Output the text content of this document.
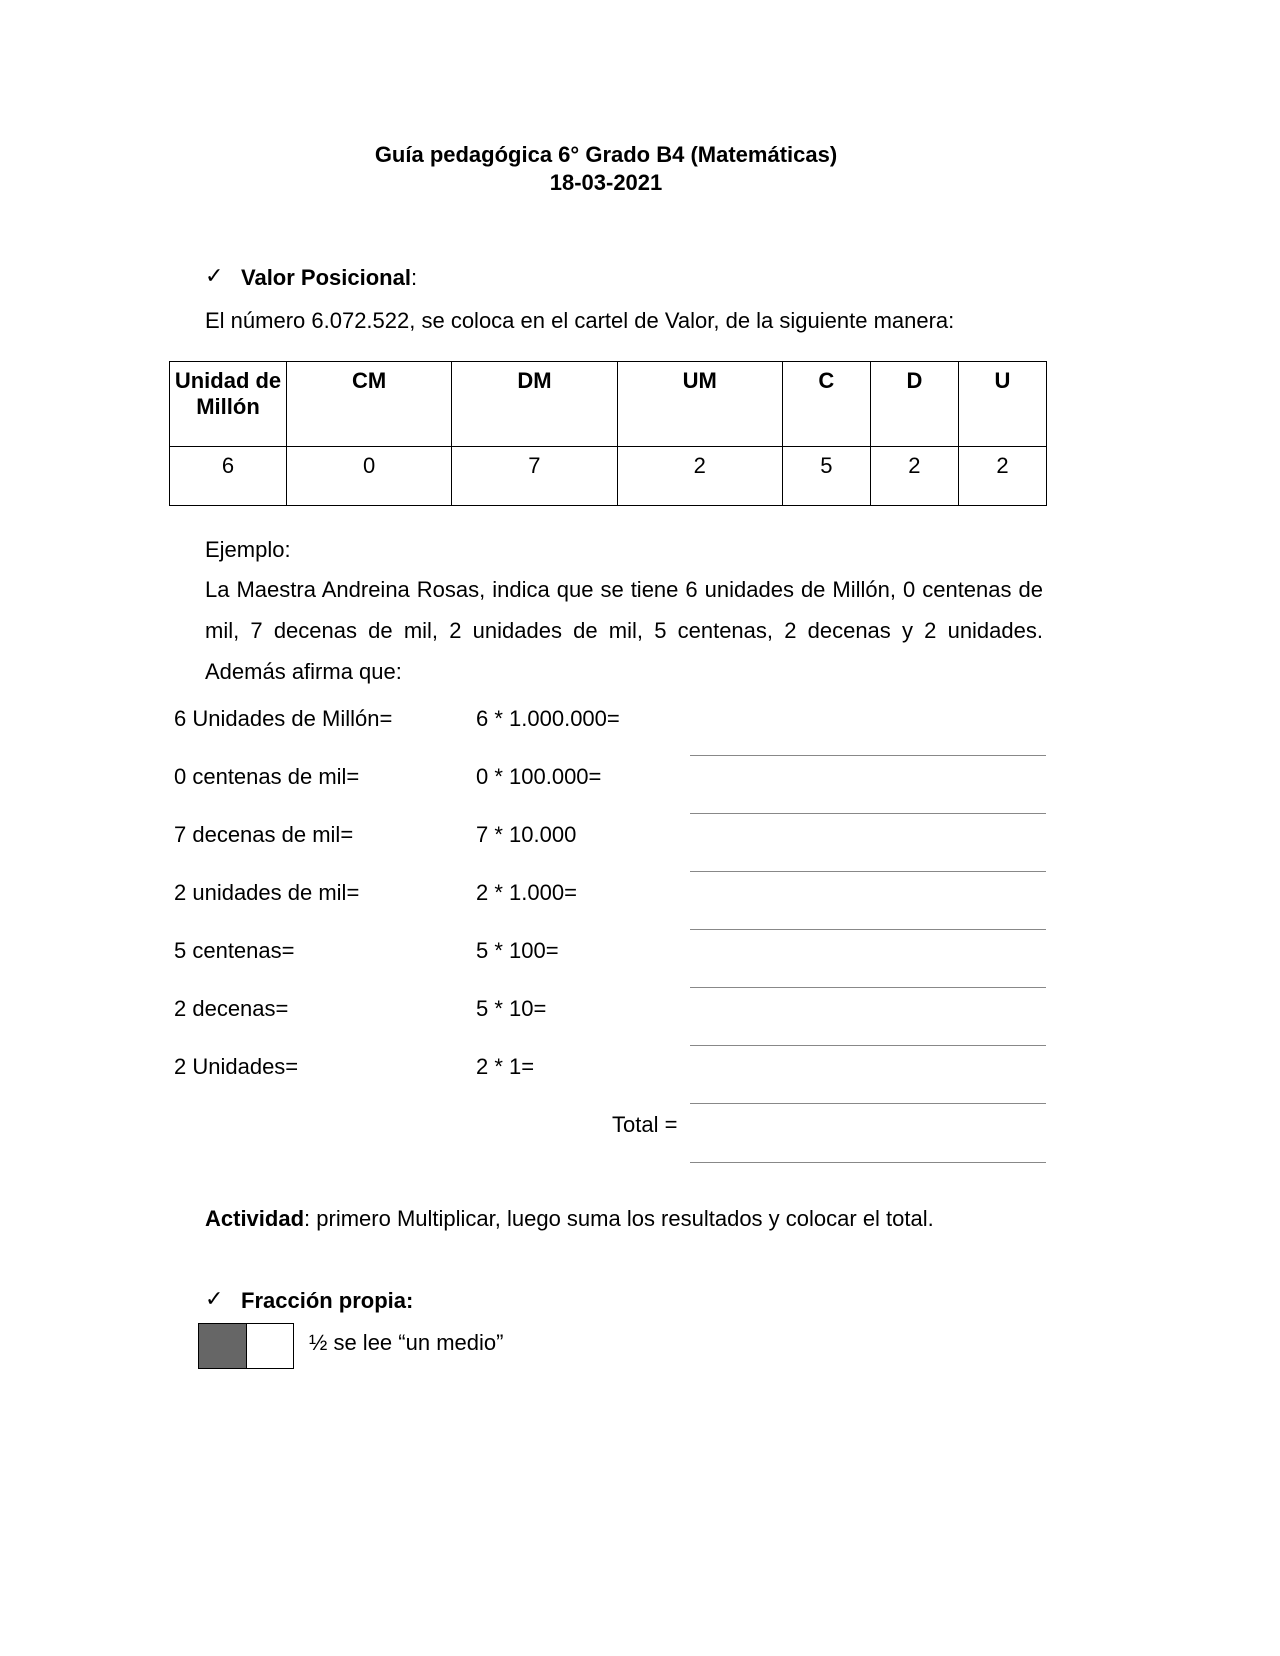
Guía pedagógica 6° Grado B4 (Matemáticas)
18-03-2021
✓ Valor Posicional:
El número 6.072.522, se coloca en el cartel de Valor, de la siguiente manera:
Unidad de Millón	CM	DM	UM	C	D	U
6	0	7	2	5	2	2
Ejemplo:
La Maestra Andreina Rosas, indica que se tiene 6 unidades de Millón, 0 centenas de mil, 7 decenas de mil, 2 unidades de mil, 5 centenas, 2 decenas y 2 unidades. Además afirma que:
6 Unidades de Millón=	6 * 1.000.000=
0 centenas de mil=	0 * 100.000=
7 decenas de mil=	7 * 10.000
2 unidades de mil=	2 * 1.000=
5 centenas=	5 * 100=
2 decenas=	5 * 10=
2 Unidades=	2 * 1=
Total =
Actividad: primero Multiplicar, luego suma los resultados y colocar el total.
✓ Fracción propia:
½ se lee “un medio”
